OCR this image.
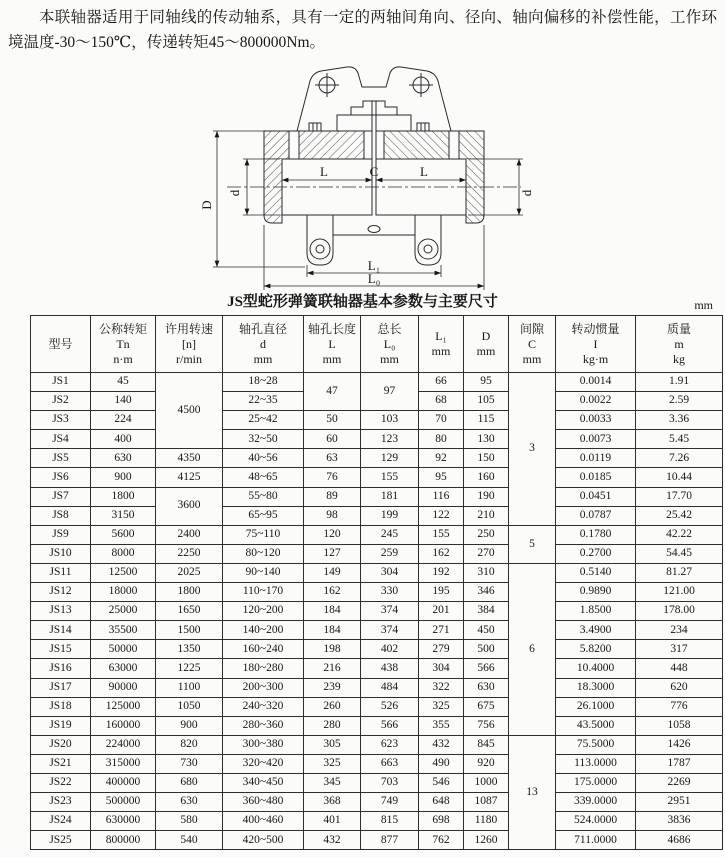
本联轴器适用于同轴线的传动轴系，具有一定的两轴间角向、径向、轴向偏移的补偿性能，工作环境温度-30～150℃，传递转矩45～800000Nm。

D
d	d
L	C	L
L₁
L₀
JS型蛇形弹簧联轴器基本参数与主要尺寸	mm
型号	公称转矩
Tn
n·m	许用转速
[n]
r/min	轴孔直径
d
mm	轴孔长度
L
mm	总长
L₀
mm	L₁
mm	D
mm	间隙
C
mm	转动惯量
I
kg·m	质量
m
kg

JS1	45	4500	18~28	47	97	66	95	3	0.0014	1.91
JS2	140		22~35			68	105		0.0022	2.59
JS3	224		25~42	50	103	70	115		0.0033	3.36
JS4	400		32~50	60	123	80	130		0.0073	5.45
JS5	630	4350	40~56	63	129	92	150		0.0119	7.26
JS6	900	4125	48~65	76	155	95	160		0.0185	10.44
JS7	1800	3600	55~80	89	181	116	190		0.0451	17.70
JS8	3150		65~95	98	199	122	210		0.0787	25.42
JS9	5600	2400	75~110	120	245	155	250	5	0.1780	42.22
JS10	8000	2250	80~120	127	259	162	270		0.2700	54.45
JS11	12500	2025	90~140	149	304	192	310	6	0.5140	81.27
JS12	18000	1800	110~170	162	330	195	346		0.9890	121.00
JS13	25000	1650	120~200	184	374	201	384		1.8500	178.00
JS14	35500	1500	140~200	184	374	271	450		3.4900	234
JS15	50000	1350	160~240	198	402	279	500		5.8200	317
JS16	63000	1225	180~280	216	438	304	566		10.4000	448
JS17	90000	1100	200~300	239	484	322	630		18.3000	620
JS18	125000	1050	240~320	260	526	325	675		26.1000	776
JS19	160000	900	280~360	280	566	355	756		43.5000	1058
JS20	224000	820	300~380	305	623	432	845	13	75.5000	1426
JS21	315000	730	320~420	325	663	490	920		113.0000	1787
JS22	400000	680	340~450	345	703	546	1000		175.0000	2269
JS23	500000	630	360~480	368	749	648	1087		339.0000	2951
JS24	630000	580	400~460	401	815	698	1180		524.0000	3836
JS25	800000	540	420~500	432	877	762	1260		711.0000	4686
